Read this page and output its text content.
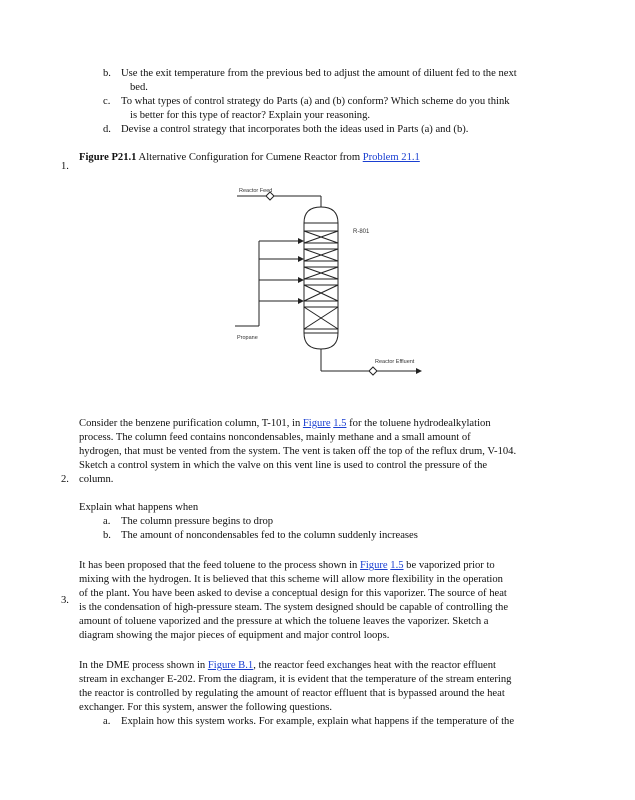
b. Use the exit temperature from the previous bed to adjust the amount of diluent fed to the next
bed.
c.	To what types of control strategy do Parts (a) and (b) conform? Which scheme do you think
is better for this type of reactor? Explain your reasoning.
d. Devise a control strategy that incorporates both the ideas used in Parts (a) and (b).
1.
Figure P21.1 Alternative Configuration for Cumene Reactor from Problem 21.1
Reactor Feed
R-801
Propane
Reactor Effluent
Consider the benzene purification column, T-101, in Figure 1.5 for the toluene hydrodealkylation
process. The column feed contains noncondensables, mainly methane and a small amount of
hydrogen, that must be vented from the system. The vent is taken off the top of the reflux drum, V-104.
Sketch a control system in which the valve on this vent line is used to control the pressure of the
column.
2.
Explain what happens when
a.	The column pressure begins to drop
b. The amount of noncondensables fed to the column suddenly increases
It has been proposed that the feed toluene to the process shown in Figure 1.5 be vaporized prior to
mixing with the hydrogen. It is believed that this scheme will allow more flexibility in the operation
of the plant. You have been asked to devise a conceptual design for this vaporizer. The source of heat
is the condensation of high-pressure steam. The system designed should be capable of controlling the
amount of toluene vaporized and the pressure at which the toluene leaves the vaporizer. Sketch a
diagram showing the major pieces of equipment and major control loops.
3.
In the DME process shown in Figure B.1, the reactor feed exchanges heat with the reactor effluent
stream in exchanger E-202. From the diagram, it is evident that the temperature of the stream entering
the reactor is controlled by regulating the amount of reactor effluent that is bypassed around the heat
exchanger. For this system, answer the following questions.
a.	Explain how this system works. For example, explain what happens if the temperature of the
